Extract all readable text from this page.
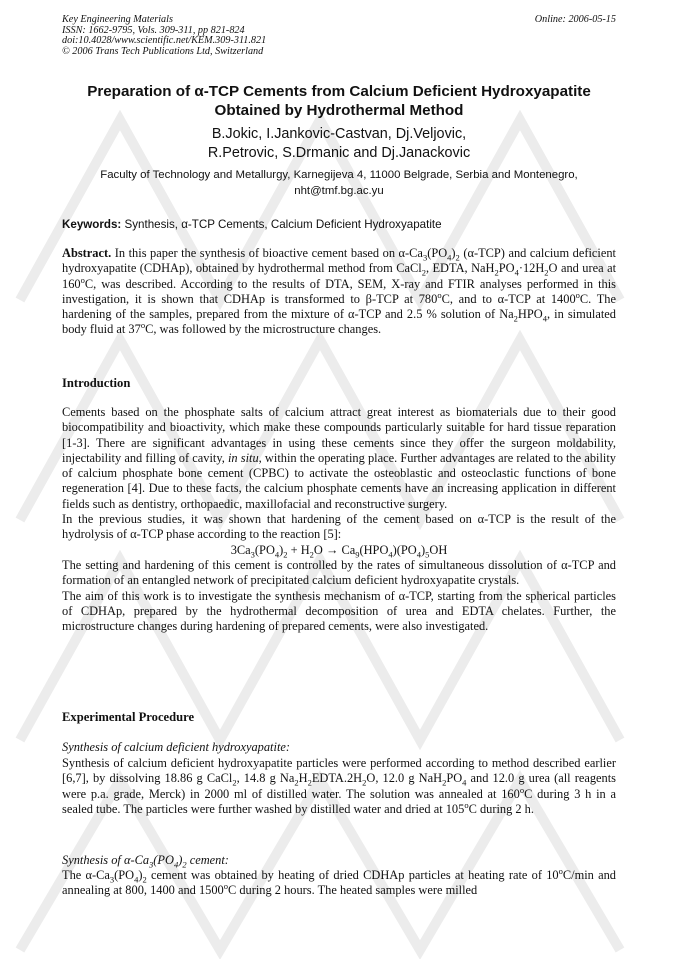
Key Engineering Materials
ISSN: 1662-9795, Vols. 309-311, pp 821-824
doi:10.4028/www.scientific.net/KEM.309-311.821
© 2006 Trans Tech Publications Ltd, Switzerland
Online: 2006-05-15
Preparation of α-TCP Cements from Calcium Deficient Hydroxyapatite
Obtained by Hydrothermal Method
B.Jokic, I.Jankovic-Castvan, Dj.Veljovic,
R.Petrovic, S.Drmanic and Dj.Janackovic
Faculty of Technology and Metallurgy, Karnegijeva 4, 11000 Belgrade, Serbia and Montenegro,
nht@tmf.bg.ac.yu
Keywords: Synthesis, α-TCP Cements, Calcium Deficient Hydroxyapatite

Abstract. In this paper the synthesis of bioactive cement based on $\alpha-Ca_3(PO_4)_2$ (α-TCP) and calcium deficient hydroxyapatite (CDHAp), obtained by hydrothermal method from CaCl$_2$, EDTA, $NaH_2PO_4\cdot 12H_2O$ and urea at 160$^o$C, was described. According to the results of DTA, SEM, X-ray and FTIR analyses performed in this investigation, it is shown that CDHAp is transformed to β-TCP at 780$^o$C, and to α-TCP at 1400$^o$C. The hardening of the samples, prepared from the mixture of α-TCP and 2.5 % solution of $Na_2HPO_4$, in simulated body fluid at 37$^o$C, was followed by the microstructure changes.

Introduction

Cements based on the phosphate salts of calcium attract great interest as biomaterials due to their good biocompatibility and bioactivity, which make these compounds particularly suitable for hard tissue reparation [1-3]. There are significant advantages in using these cements since they offer the surgeon moldability, injectability and filling of cavity, in situ, within the operating place. Further advantages are related to the ability of calcium phosphate bone cement (CPBC) to activate the osteoblastic and osteoclastic functions of bone regeneration [4]. Due to these facts, the calcium phosphate cements have an increasing application in different fields such as dentistry, orthopaedic, maxillofacial and reconstructive surgery.

In the previous studies, it was shown that hardening of the cement based on α-TCP is the result of the hydrolysis of α-TCP phase according to the reaction [5]:

$3Ca_3(PO_4)_2 + H_2O \to Ca_9(HPO_4)(PO_4)_5OH$

The setting and hardening of this cement is controlled by the rates of simultaneous dissolution of α-TCP and formation of an entangled network of precipitated calcium deficient hydroxyapatite crystals.

The aim of this work is to investigate the synthesis mechanism of α-TCP, starting from the spherical particles of CDHAp, prepared by the hydrothermal decomposition of urea and EDTA chelates. Further, the microstructure changes during hardening of prepared cements, were also investigated.

Experimental Procedure
Synthesis of calcium deficient hydroxyapatite:

Synthesis of calcium deficient hydroxyapatite particles were performed according to method described earlier [6,7], by dissolving 18.86 g CaCl$_2$, 14.8 g $Na_2H_2EDTA.2H_2O$, 12.0 g $NaH_2PO_4$ and 12.0 g urea (all reagents were p.a. grade, Merck) in 2000 ml of distilled water. The solution was annealed at 160$^o$C during 3 h in a sealed tube. The particles were further washed by distilled water and dried at 105$^o$C during 2 h.

Synthesis of $\alpha-Ca_3(PO_4)_2$ cement:

The $\alpha-Ca_3(PO_4)_2$ cement was obtained by heating of dried CDHAp particles at heating rate of 10$^o$C/min and annealing at 800, 1400 and 1500$^o$C during 2 hours. The heated samples were milled
